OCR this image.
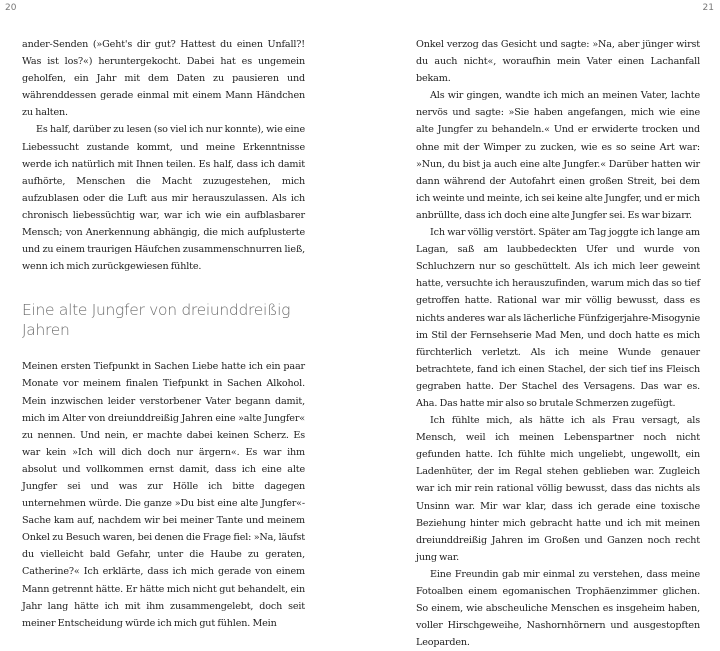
20	21

ander-Senden (»Geht's dir gut? Hattest du einen Unfall?! Was ist los?«) heruntergekocht. Dabei hat es ungemein geholfen, ein Jahr mit dem Daten zu pausieren und währenddessen gerade einmal mit einem Mann Händchen zu halten.

Es half, darüber zu lesen (so viel ich nur konnte), wie eine Liebessucht zustande kommt, und meine Erkenntnisse werde ich natürlich mit Ihnen teilen. Es half, dass ich damit aufhörte, Menschen die Macht zuzugestehen, mich aufzublasen oder die Luft aus mir herauszulassen. Als ich chronisch liebessüchtig war, war ich wie ein aufblasbarer Mensch; von Anerkennung abhängig, die mich aufplusterte und zu einem traurigen Häufchen zusammenschnurren ließ, wenn ich mich zurückgewiesen fühlte.

Eine alte Jungfer von dreiunddreißig Jahren

Meinen ersten Tiefpunkt in Sachen Liebe hatte ich ein paar Monate vor meinem finalen Tiefpunkt in Sachen Alkohol. Mein inzwischen leider verstorbener Vater begann damit, mich im Alter von dreiunddreißig Jahren eine »alte Jungfer« zu nennen. Und nein, er machte dabei keinen Scherz. Es war kein »Ich will dich doch nur ärgern«. Es war ihm absolut und vollkommen ernst damit, dass ich eine alte Jungfer sei und was zur Hölle ich bitte dagegen unternehmen würde. Die ganze »Du bist eine alte Jungfer«-Sache kam auf, nachdem wir bei meiner Tante und meinem Onkel zu Besuch waren, bei denen die Frage fiel: »Na, läufst du vielleicht bald Gefahr, unter die Haube zu geraten, Catherine?« Ich erklärte, dass ich mich gerade von einem Mann getrennt hätte. Er hätte mich nicht gut behandelt, ein Jahr lang hätte ich mit ihm zusammengelebt, doch seit meiner Entscheidung würde ich mich gut fühlen. Mein

Onkel verzog das Gesicht und sagte: »Na, aber jünger wirst du auch nicht«, woraufhin mein Vater einen Lachanfall bekam.

Als wir gingen, wandte ich mich an meinen Vater, lachte nervös und sagte: »Sie haben angefangen, mich wie eine alte Jungfer zu behandeln.« Und er erwiderte trocken und ohne mit der Wimper zu zucken, wie es so seine Art war: »Nun, du bist ja auch eine alte Jungfer.« Darüber hatten wir dann während der Autofahrt einen großen Streit, bei dem ich weinte und meinte, ich sei keine alte Jungfer, und er mich anbrüllte, dass ich doch eine alte Jungfer sei. Es war bizarr.

Ich war völlig verstört. Später am Tag joggte ich lange am Lagan, saß am laubbedeckten Ufer und wurde von Schluchzern nur so geschüttelt. Als ich mich leer geweint hatte, versuchte ich herauszufinden, warum mich das so tief getroffen hatte. Rational war mir völlig bewusst, dass es nichts anderes war als lächerliche Fünfzigerjahre-Misogynie im Stil der Fernsehserie Mad Men, und doch hatte es mich fürchterlich verletzt. Als ich meine Wunde genauer betrachtete, fand ich einen Stachel, der sich tief ins Fleisch gegraben hatte. Der Stachel des Versagens. Das war es. Aha. Das hatte mir also so brutale Schmerzen zugefügt.

Ich fühlte mich, als hätte ich als Frau versagt, als Mensch, weil ich meinen Lebenspartner noch nicht gefunden hatte. Ich fühlte mich ungeliebt, ungewollt, ein Ladenhüter, der im Regal stehen geblieben war. Zugleich war ich mir rein rational völlig bewusst, dass das nichts als Unsinn war. Mir war klar, dass ich gerade eine toxische Beziehung hinter mich gebracht hatte und ich mit meinen dreiunddreißig Jahren im Großen und Ganzen noch recht jung war.

Eine Freundin gab mir einmal zu verstehen, dass meine Fotoalben einem egomanischen Trophäenzimmer glichen. So einem, wie abscheuliche Menschen es insgeheim haben, voller Hirschgeweihe, Nashornhörnern und ausgestopften Leoparden.
